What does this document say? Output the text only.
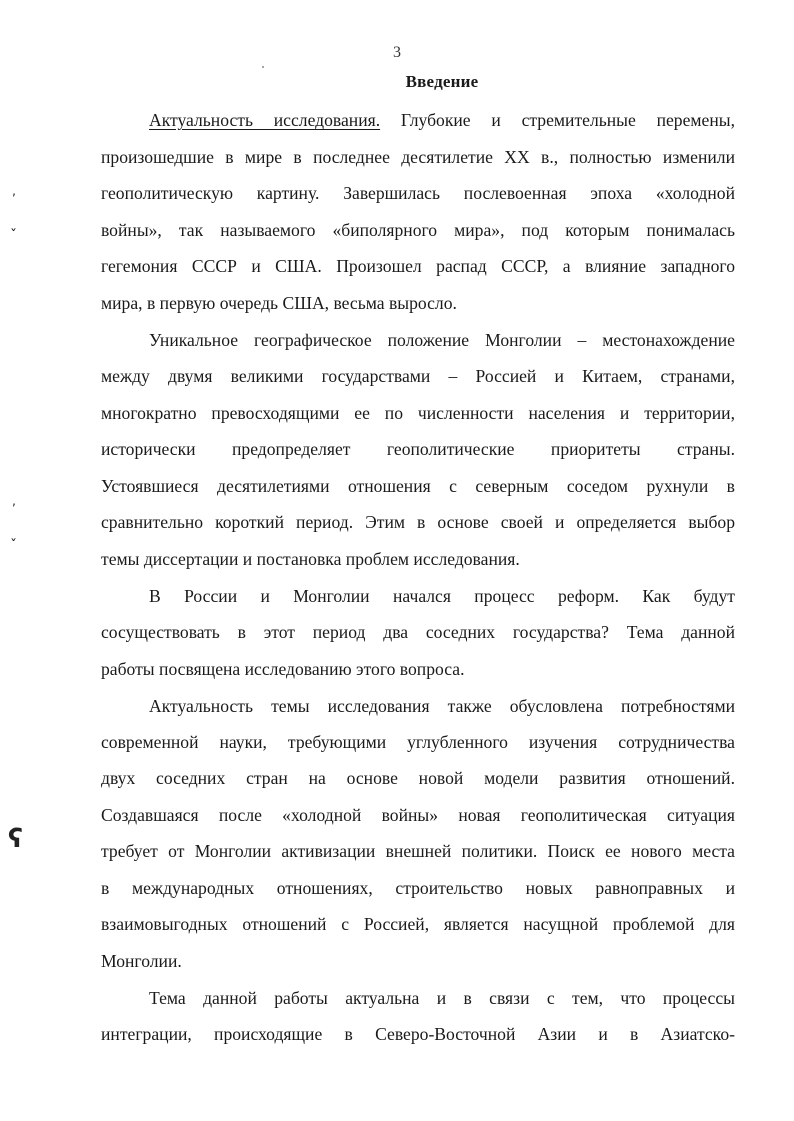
3
Введение
Актуальность исследования. Глубокие и стремительные перемены,
произошедшие в мире в последнее десятилетие XX в., полностью изменили
геополитическую картину. Завершилась послевоенная эпоха «холодной
войны», так называемого «биполярного мира», под которым понималась
гегемония СССР и США. Произошел распад СССР, а влияние западного
мира, в первую очередь США, весьма выросло.
Уникальное географическое положение Монголии – местонахождение
между двумя великими государствами – Россией и Китаем, странами,
многократно превосходящими ее по численности населения и территории,
исторически предопределяет геополитические приоритеты страны.
Устоявшиеся десятилетиями отношения с северным соседом рухнули в
сравнительно короткий период. Этим в основе своей и определяется выбор
темы диссертации и постановка проблем исследования.
В России и Монголии начался процесс реформ. Как будут
сосуществовать в этот период два соседних государства? Тема данной
работы посвящена исследованию этого вопроса.
Актуальность темы исследования также обусловлена потребностями
современной науки, требующими углубленного изучения сотрудничества
двух соседних стран на основе новой модели развития отношений.
Создавшаяся после «холодной войны» новая геополитическая ситуация
требует от Монголии активизации внешней политики. Поиск ее нового места
в международных отношениях, строительство новых равноправных и
взаимовыгодных отношений с Россией, является насущной проблемой для
Монголии.
Тема данной работы актуальна и в связи с тем, что процессы
интеграции, происходящие в Северо-Восточной Азии и в Азиатско-
‚
ˇ
‚
ˇ
ʕ
